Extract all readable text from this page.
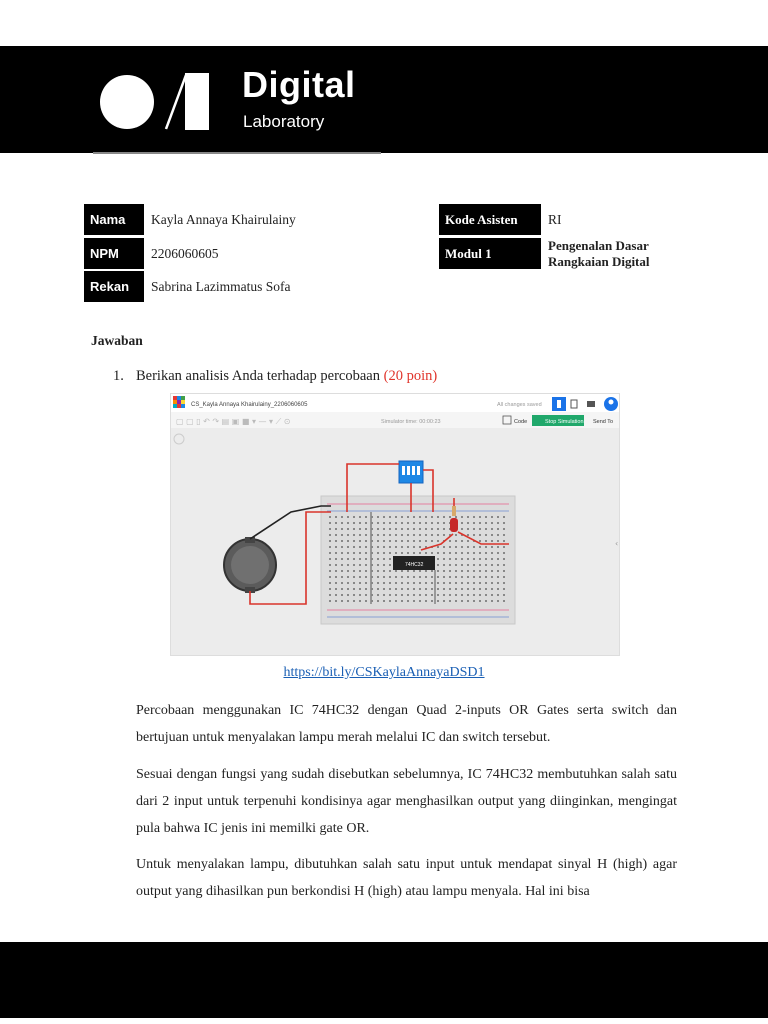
Digital
Laboratory
Nama	Kayla Annaya Khairulainy
NPM	2206060605
Rekan	Sabrina Lazimmatus Sofa
Kode Asisten	RI
Modul 1	Pengenalan Dasar
Rangkaian Digital
Jawaban
1. Berikan analisis Anda terhadap percobaan (20 poin)
CS_Kayla Annaya Khairulainy_2206060605	All changes saved
▢ ▢ ▯ ↶ ↷ ▤ ▣ ■ ▾ — ▾ ⟋ ⊙	Simulator time: 00:00:23	Code	Stop Simulation Send To
74HC32
‹
https://bit.ly/CSKaylaAnnayaDSD1
Percobaan menggunakan IC 74HC32 dengan Quad 2-inputs OR Gates serta switch dan bertujuan untuk menyalakan lampu merah melalui IC dan switch tersebut.
Sesuai dengan fungsi yang sudah disebutkan sebelumnya, IC 74HC32 membutuhkan salah satu dari 2 input untuk terpenuhi kondisinya agar menghasilkan output yang diinginkan, mengingat pula bahwa IC jenis ini memilki gate OR.
Untuk menyalakan lampu, dibutuhkan salah satu input untuk mendapat sinyal H (high) agar output yang dihasilkan pun berkondisi H (high) atau lampu menyala. Hal ini bisa
